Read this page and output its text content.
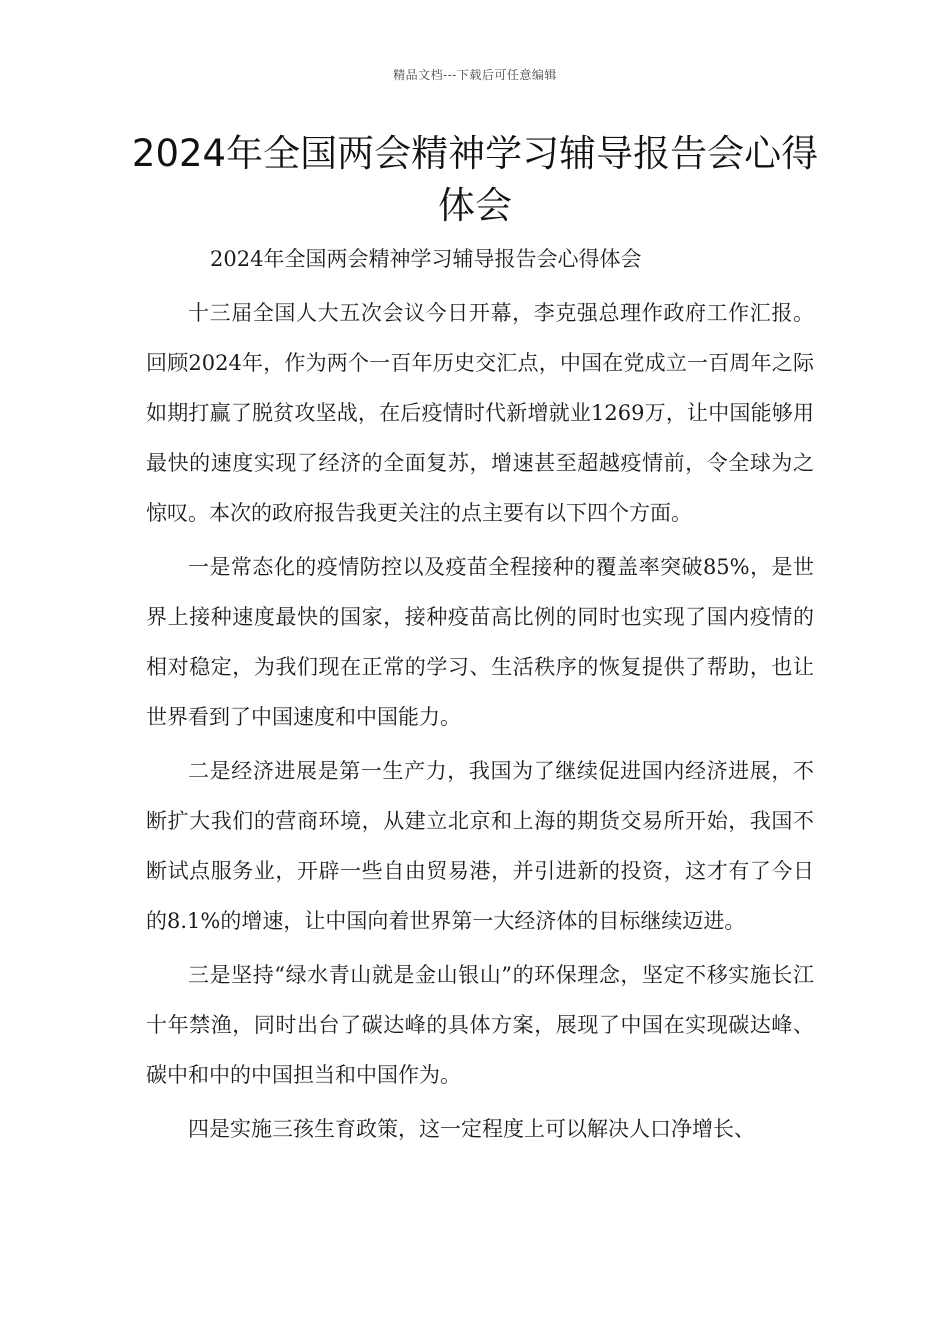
精品文档---下载后可任意编辑
2024年全国两会精神学习辅导报告会心得体会

2024年全国两会精神学习辅导报告会心得体会

十三届全国人大五次会议今日开幕，李克强总理作政府工作汇报。回顾2024年，作为两个一百年历史交汇点，中国在党成立一百周年之际如期打赢了脱贫攻坚战，在后疫情时代新增就业1269万，让中国能够用最快的速度实现了经济的全面复苏，增速甚至超越疫情前，令全球为之惊叹。本次的政府报告我更关注的点主要有以下四个方面。

一是常态化的疫情防控以及疫苗全程接种的覆盖率突破85%，是世界上接种速度最快的国家，接种疫苗高比例的同时也实现了国内疫情的相对稳定，为我们现在正常的学习、生活秩序的恢复提供了帮助，也让世界看到了中国速度和中国能力。

二是经济进展是第一生产力，我国为了继续促进国内经济进展，不断扩大我们的营商环境，从建立北京和上海的期货交易所开始，我国不断试点服务业，开辟一些自由贸易港，并引进新的投资，这才有了今日的8.1%的增速，让中国向着世界第一大经济体的目标继续迈进。

三是坚持“绿水青山就是金山银山”的环保理念，坚定不移实施长江十年禁渔，同时出台了碳达峰的具体方案，展现了中国在实现碳达峰、碳中和中的中国担当和中国作为。

四是实施三孩生育政策，这一定程度上可以解决人口净增长、
